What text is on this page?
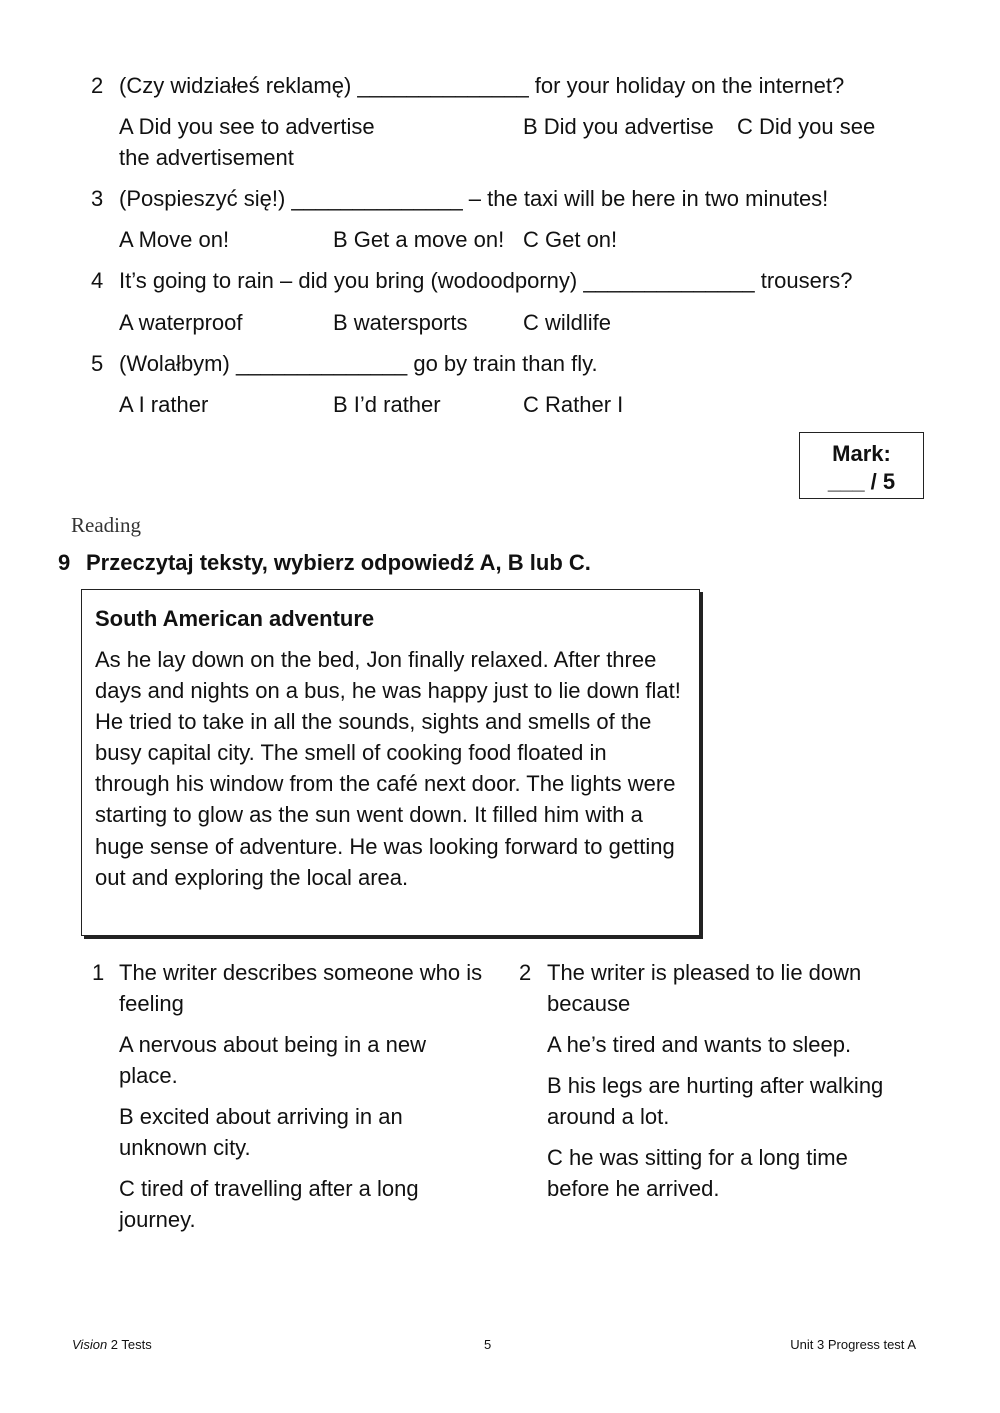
2 (Czy widziałeś reklamę) ______________ for your holiday on the internet?
A Did you see to advertise	B Did you advertise C Did you see
the advertisement
3 (Pospieszyć się!) ______________ – the taxi will be here in two minutes!
A Move on!	B Get a move on! C Get on!
4 It’s going to rain – did you bring (wodoodporny) ______________ trousers?
A waterproof	B watersports	C wildlife
5 (Wolałbym) ______________ go by train than fly.
A I rather	B I’d rather	C Rather I
Mark:
___ / 5
Reading
9 Przeczytaj teksty, wybierz odpowiedź A, B lub C.
South American adventure
As he lay down on the bed, Jon finally relaxed. After three days and nights on a bus, he was happy just to lie down flat! He tried to take in all the sounds, sights and smells of the busy capital city. The smell of cooking food floated in through his window from the café next door. The lights were starting to glow as the sun went down. It filled him with a huge sense of adventure. He was looking forward to getting out and exploring the local area.
1 The writer describes someone who is feeling
A nervous about being in a new place.
B excited about arriving in an unknown city.
C tired of travelling after a long journey.
2 The writer is pleased to lie down because
A he’s tired and wants to sleep.
B his legs are hurting after walking around a lot.
C he was sitting for a long time before he arrived.
Vision 2 Tests	5	Unit 3 Progress test A
